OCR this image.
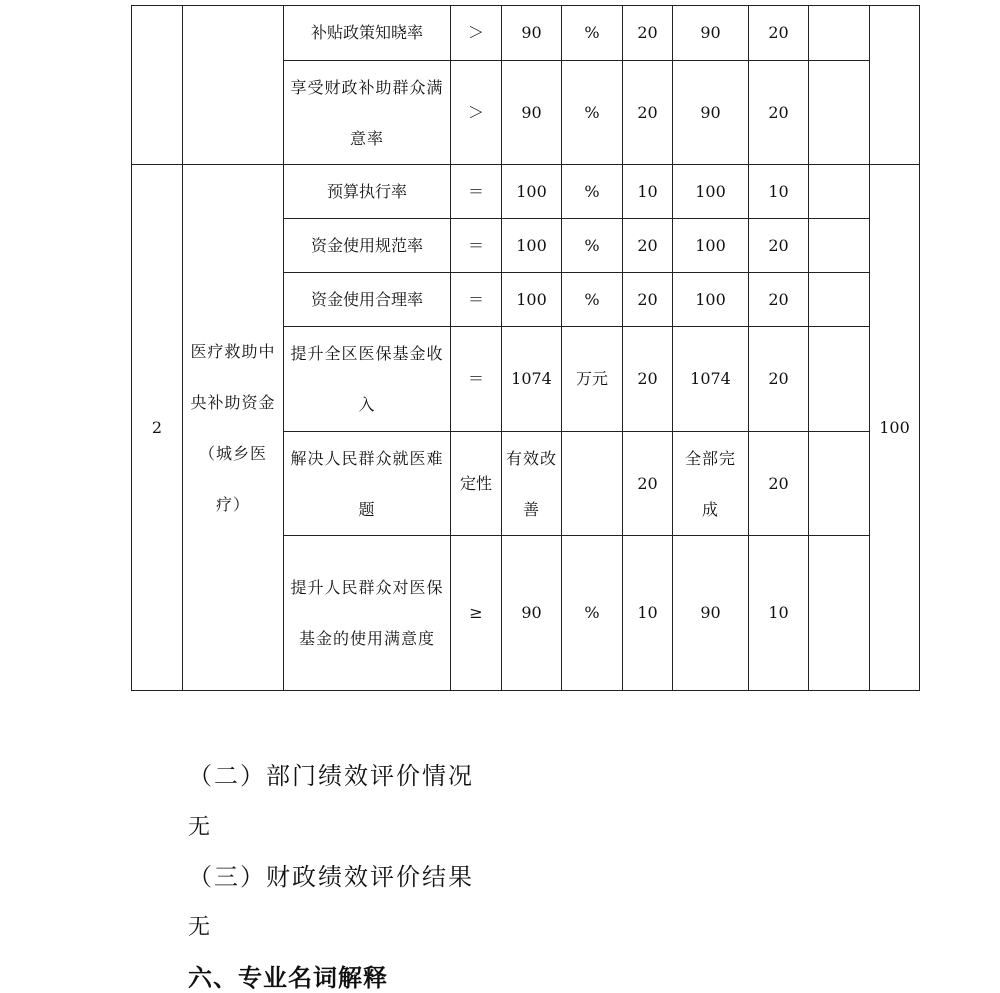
		补贴政策知晓率	＞	90	%	20	90	20		
		享受财政补助群众满意率	＞	90	%	20	90	20		
2	医疗救助中央补助资金（城乡医疗）	预算执行率	＝	100	%	10	100	10		100
		资金使用规范率	＝	100	%	20	100	20		
		资金使用合理率	＝	100	%	20	100	20		
		提升全区医保基金收入	＝	1074	万元	20	1074	20		
		解决人民群众就医难题	定性	有效改善		20	全部完成	20		
		提升人民群众对医保基金的使用满意度	≥	90	%	10	90	10		
（二）部门绩效评价情况
无
（三）财政绩效评价结果
无
六、专业名词解释
